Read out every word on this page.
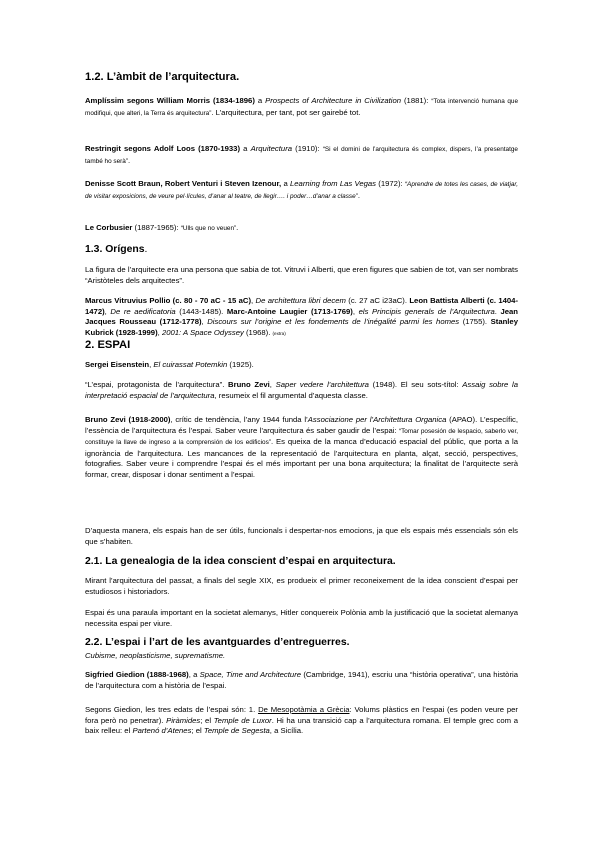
1.2. L’àmbit de l’arquitectura.

Amplíssim segons William Morris (1834-1896) a Prospects of Architecture in Civilization (1881): “Tota intervenció humana que modifiqui, que alteri, la Terra és arquitectura”. L’arquitectura, per tant, pot ser gairebé tot.

Restringit segons Adolf Loos (1870-1933) a Arquitectura (1910): “Si el domini de l’arquitectura és complex, dispers, l’a presentatge també ho serà”.

Denisse Scott Braun, Robert Venturi i Steven Izenour, a Learning from Las Vegas (1972): “Aprendre de totes les cases, de viatjar, de visitar exposicions, de veure pel·lícules, d’anar al teatre, de llegir…. i poder…d’anar a classe”.

Le Corbusier (1887-1965): “Ulls que no veuen”.

1.3. Orígens.

La figura de l’arquitecte era una persona que sabia de tot. Vitruvi i Alberti, que eren figures que sabien de tot, van ser nombrats “Aristòteles dels arquitectes”.

Marcus Vitruvius Pollio (c. 80 - 70 aC - 15 aC), De architettura libri decem (c. 27 aC i23aC). Leon Battista Alberti (c. 1404-1472), De re aedificatoria (1443-1485). Marc-Antoine Laugier (1713-1769), els Principis generals de l’Arquitectura. Jean Jacques Rousseau (1712-1778), Discours sur l’origine et les fondements de l’inégalité parmi les homes (1755). Stanley Kubrick (1928-1999), 2001: A Space Odyssey (1968). (extra)

2. ESPAI

Sergei Eisenstein, El cuirassat Potemkin (1925).

“L’espai, protagonista de l’arquitectura”. Bruno Zevi, Saper vedere l’architettura (1948). El seu sots-títol: Assaig sobre la interpretació espacial de l’arquitectura, resumeix el fil argumental d’aquesta classe.

Bruno Zevi (1918-2000), crític de tendència, l’any 1944 funda l’Associazione per l’Architettura Organica (APAO). L’específic, l’essència de l’arquitectura és l’espai. Saber veure l’arquitectura és saber gaudir de l’espai: “Tomar posesión de lespacio, saberlo ver, constituye la llave de ingreso a la comprensión de los edificios”. Es queixa de la manca d’educació espacial del públic, que porta a la ignorància de l’arquitectura. Les mancances de la representació de l’arquitectura en planta, alçat, secció, perspectives, fotografies. Saber veure i comprendre l’espai és el més important per una bona arquitectura; la finalitat de l’arquitecte serà formar, crear, disposar i donar sentiment a l’espai.

D’aquesta manera, els espais han de ser útils, funcionals i despertar-nos emocions, ja que els espais més essencials són els que s’habiten.

2.1. La genealogia de la idea conscient d’espai en arquitectura.

Mirant l’arquitectura del passat, a finals del segle XIX, es produeix el primer reconeixement de la idea conscient d’espai per estudiosos i historiadors.

Espai és una paraula important en la societat alemanys, Hitler conquereix Polònia amb la justificació que la societat alemanya necessita espai per viure.

2.2. L’espai i l’art de les avantguardes d’entreguerres.

Cubisme, neoplasticisme, suprematisme.

Sigfried Giedion (1888-1968), a Space, Time and Architecture (Cambridge, 1941), escriu una “història operativa”, una història de l’arquitectura com a història de l’espai.

Segons Giedion, les tres edats de l’espai són: 1. De Mesopotàmia a Grècia: Volums plàstics en l’espai (es poden veure per fora però no penetrar). Piràmides; el Temple de Luxor. Hi ha una transició cap a l’arquitectura romana. El temple grec com a baix relleu: el Partenó d’Atenes; el Temple de Segesta, a Sicília.
